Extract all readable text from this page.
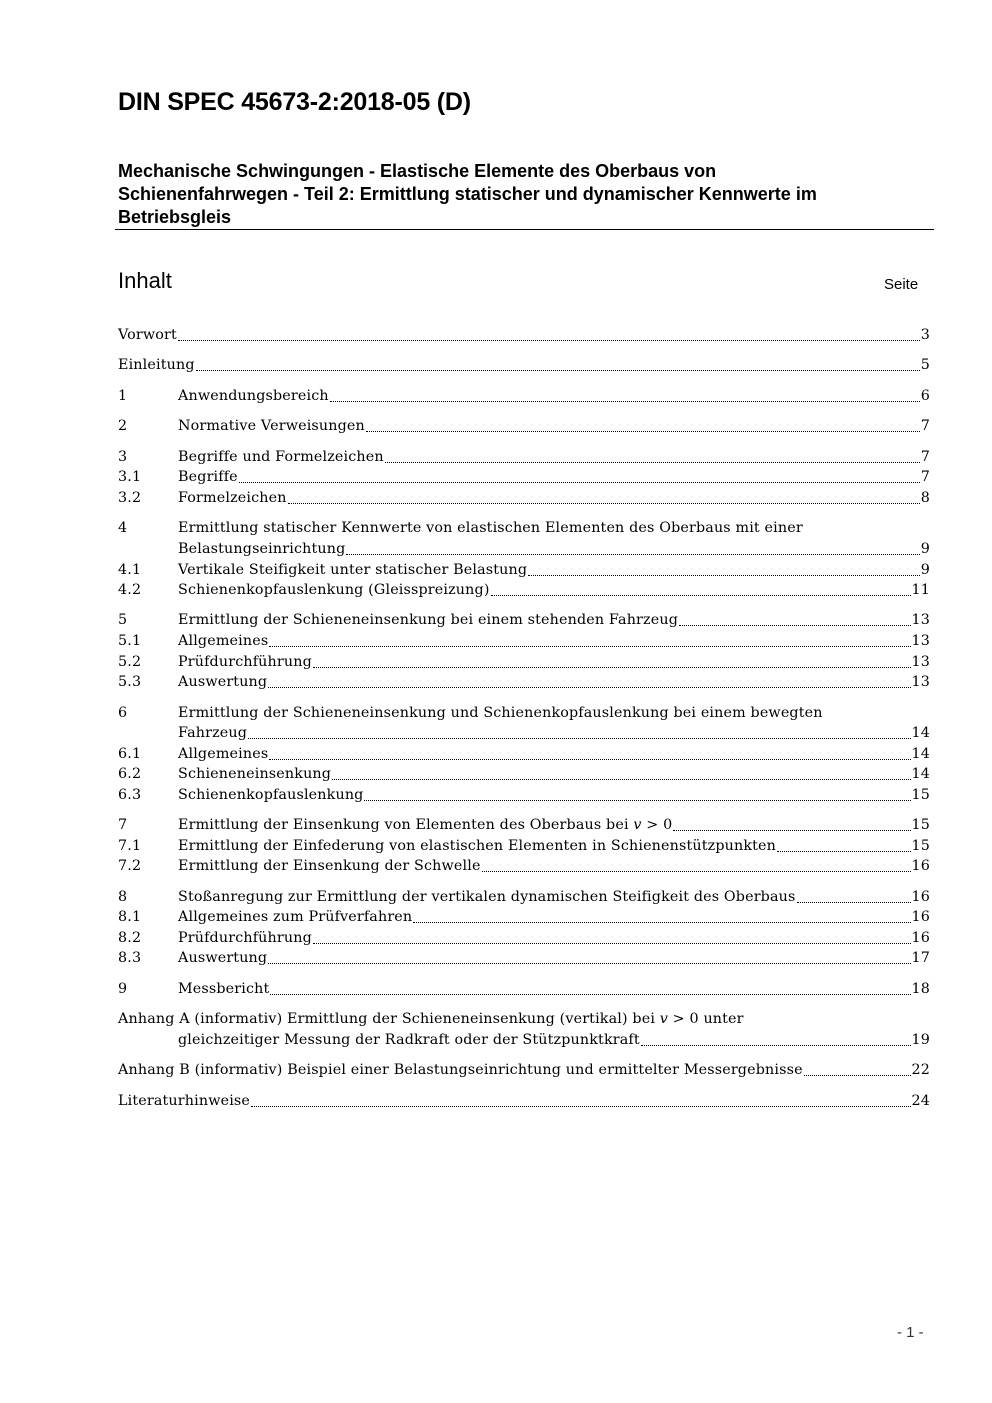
DIN SPEC 45673-2:2018-05 (D)
Mechanische Schwingungen - Elastische Elemente des Oberbaus von
Schienenfahrwegen - Teil 2: Ermittlung statischer und dynamischer Kennwerte im
Betriebsgleis
Inhalt	Seite
Vorwort	3
Einleitung	5
1	Anwendungsbereich	6
2	Normative Verweisungen	7
3	Begriffe und Formelzeichen	7
3.1	Begriffe	7
3.2	Formelzeichen	8
4	Ermittlung statischer Kennwerte von elastischen Elementen des Oberbaus mit einer
Belastungseinrichtung	9
4.1	Vertikale Steifigkeit unter statischer Belastung	9
4.2	Schienenkopfauslenkung (Gleisspreizung)	11
5	Ermittlung der Schieneneinsenkung bei einem stehenden Fahrzeug	13
5.1	Allgemeines	13
5.2	Prüfdurchführung	13
5.3	Auswertung	13
6	Ermittlung der Schieneneinsenkung und Schienenkopfauslenkung bei einem bewegten
Fahrzeug	14
6.1	Allgemeines	14
6.2	Schieneneinsenkung	14
6.3	Schienenkopfauslenkung	15
7	Ermittlung der Einsenkung von Elementen des Oberbaus bei 𝑣 > 0	15
7.1	Ermittlung der Einfederung von elastischen Elementen in Schienenstützpunkten	15
7.2	Ermittlung der Einsenkung der Schwelle	16
8	Stoßanregung zur Ermittlung der vertikalen dynamischen Steifigkeit des Oberbaus	16
8.1	Allgemeines zum Prüfverfahren	16
8.2	Prüfdurchführung	16
8.3	Auswertung	17
9	Messbericht	18
Anhang A (informativ) Ermittlung der Schieneneinsenkung (vertikal) bei 𝑣 > 0 unter
gleichzeitiger Messung der Radkraft oder der Stützpunktkraft	19
Anhang B (informativ) Beispiel einer Belastungseinrichtung und ermittelter Messergebnisse	22
Literaturhinweise	24
- 1 -
